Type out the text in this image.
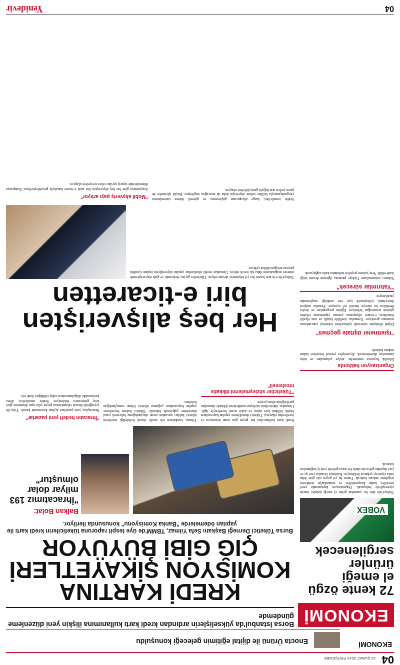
04
15 ŞUBAT 2019 PERŞEMBE
EKONOMİ
Enocta Ürünü ile dijital eğitimin geleceği konuşuldu
EKONOMİ
72 kente özgü el emeği ürünler sergilenecek
VOBEX
Türkiye'nin dört bir yanından gelen el emeği ürünler fuarda ziyaretçilerle buluşacak. Organizasyon kapsamında yerel üreticiler, kadın kooperatifleri ve zanaatkarlar ürünlerini sergileme imkanı bulacak. Fuarın bu yıl geçen yıla göre daha fazla ziyaretçi çekmesi bekleniyor. Katılımcı firmalar yurt içi ve yurt dışından gelen alıcılarla bir araya gelerek yeni iş bağlantıları kuracak.
Organizasyon hakkında
Etkinlik boyunca seminerler, atölye çalışmaları ve ürün tanıtımları düzenlenecek. Ziyaretçiler yöresel lezzetleri tadma imkanı bulacak.
Borsa İstanbul'da yükselişlerin ardından kredi kartı kullanımına ilişkin yeni düzenleme gündemde
KREDİ KARTINA KOMİSYON ŞİKAYETLERİ ÇIĞ GİBİ BÜYÜYOR
Bursa Tüketici Derneği Başkanı Sefa Yılmaz, TBMM'de üye tespit raporuna tüketicilerin kredi kartı ile yapılan ödemelerde "Banka Komisyonu" konusunda ilerliyor.
Balkan Bolat:
"İhracatımız 193 milyar dolar olmuştur"
Kredi kartı kullanıcıları her geçen gün artan komisyon ve ücretlerden şikayetçi. Tüketici derneklerine yapılan başvuruların büyük bölümü kart aidatı ve nakit avans ücretleriyle ilgili. Uzmanlar, tüketicilerin sözleşme maddelerini dikkatle okumaları gerektiğinin altını çiziyor.
"Tüketiciler sözleşmelerini dikkatle incelemeli"
Yılmaz, bankaların tek taraflı olarak belirlediği ücretlerin tüketici hakları açısından sorun oluşturduğunu belirterek yasal düzenleme çağrısında bulundu. Tüketici hakem heyetlerine yapılan başvuruların çoğunun tüketici lehine sonuçlandığını hatırlattı.
"İhracatın hedefi yeni pazarlar"
İhracatçılar, yeni pazarlara açılma konusunda kararlı. Yılın ilk çeyreğinde ihracat rakamlarının geçen yılın aynı dönemine göre artış göstermesi bekleniyor. Sektör temsilcileri, döviz kurlarındaki dalgalanmaların takip edildiğini ifade etti.
"İşletmeler dijitale geçmeli"
Dijital dönüşüm sürecinde işletmelerin teknoloji yatırımlarını artırması gerekiyor. Uzmanlar, özellikle küçük ve orta ölçekli firmaların e-ticaret altyapısına yatırım yapmasının rekabet gücünü artıracağını belirtiyor. Eğitim programları ve devlet destekleri bu süreçte önemli rol oynuyor. Firmalar müşteri deneyimini iyileştirmek için veri analitiği araçlarından yararlanıyor.
"Yatırımlar sürecek"
Yabancı yatırımcıların Türkiye pazarına ilgisinin devam ettiği ifade edildi. Yeni yatırım projeleri istihdama katkı sağlayacak.
Her beş alışverişten biri e-ticaretten
Türkiye'de e-ticaret hacmi her yıl büyümeye devam ediyor. Tüketiciler giyim, elektronik ve gıda alışverişlerinde internet mağazalarını daha sık tercih ediyor. Uzmanlar, mobil cihazlardan yapılan alışverişlerin toplam içindeki payının arttığına dikkat çekiyor.
Sektör temsilcileri, kargo altyapısının güçlenmesi ve güvenli ödeme sistemlerinin yaygınlaşmasıyla birlikte online alışverişin daha da artacağını öngörüyor. Küçük işletmeler de pazar yerleri aracılığıyla geniş kitlelere ulaşıyor.
"Mobil alışveriş payı artıyor"
Araştırmaya göre her beş alışverişten biri artık e-ticaret kanalıyla gerçekleştiriliyor. Kampanya dönemlerinde sipariş sayıları rekor seviyelere ulaşıyor.
04
Yenidevir
